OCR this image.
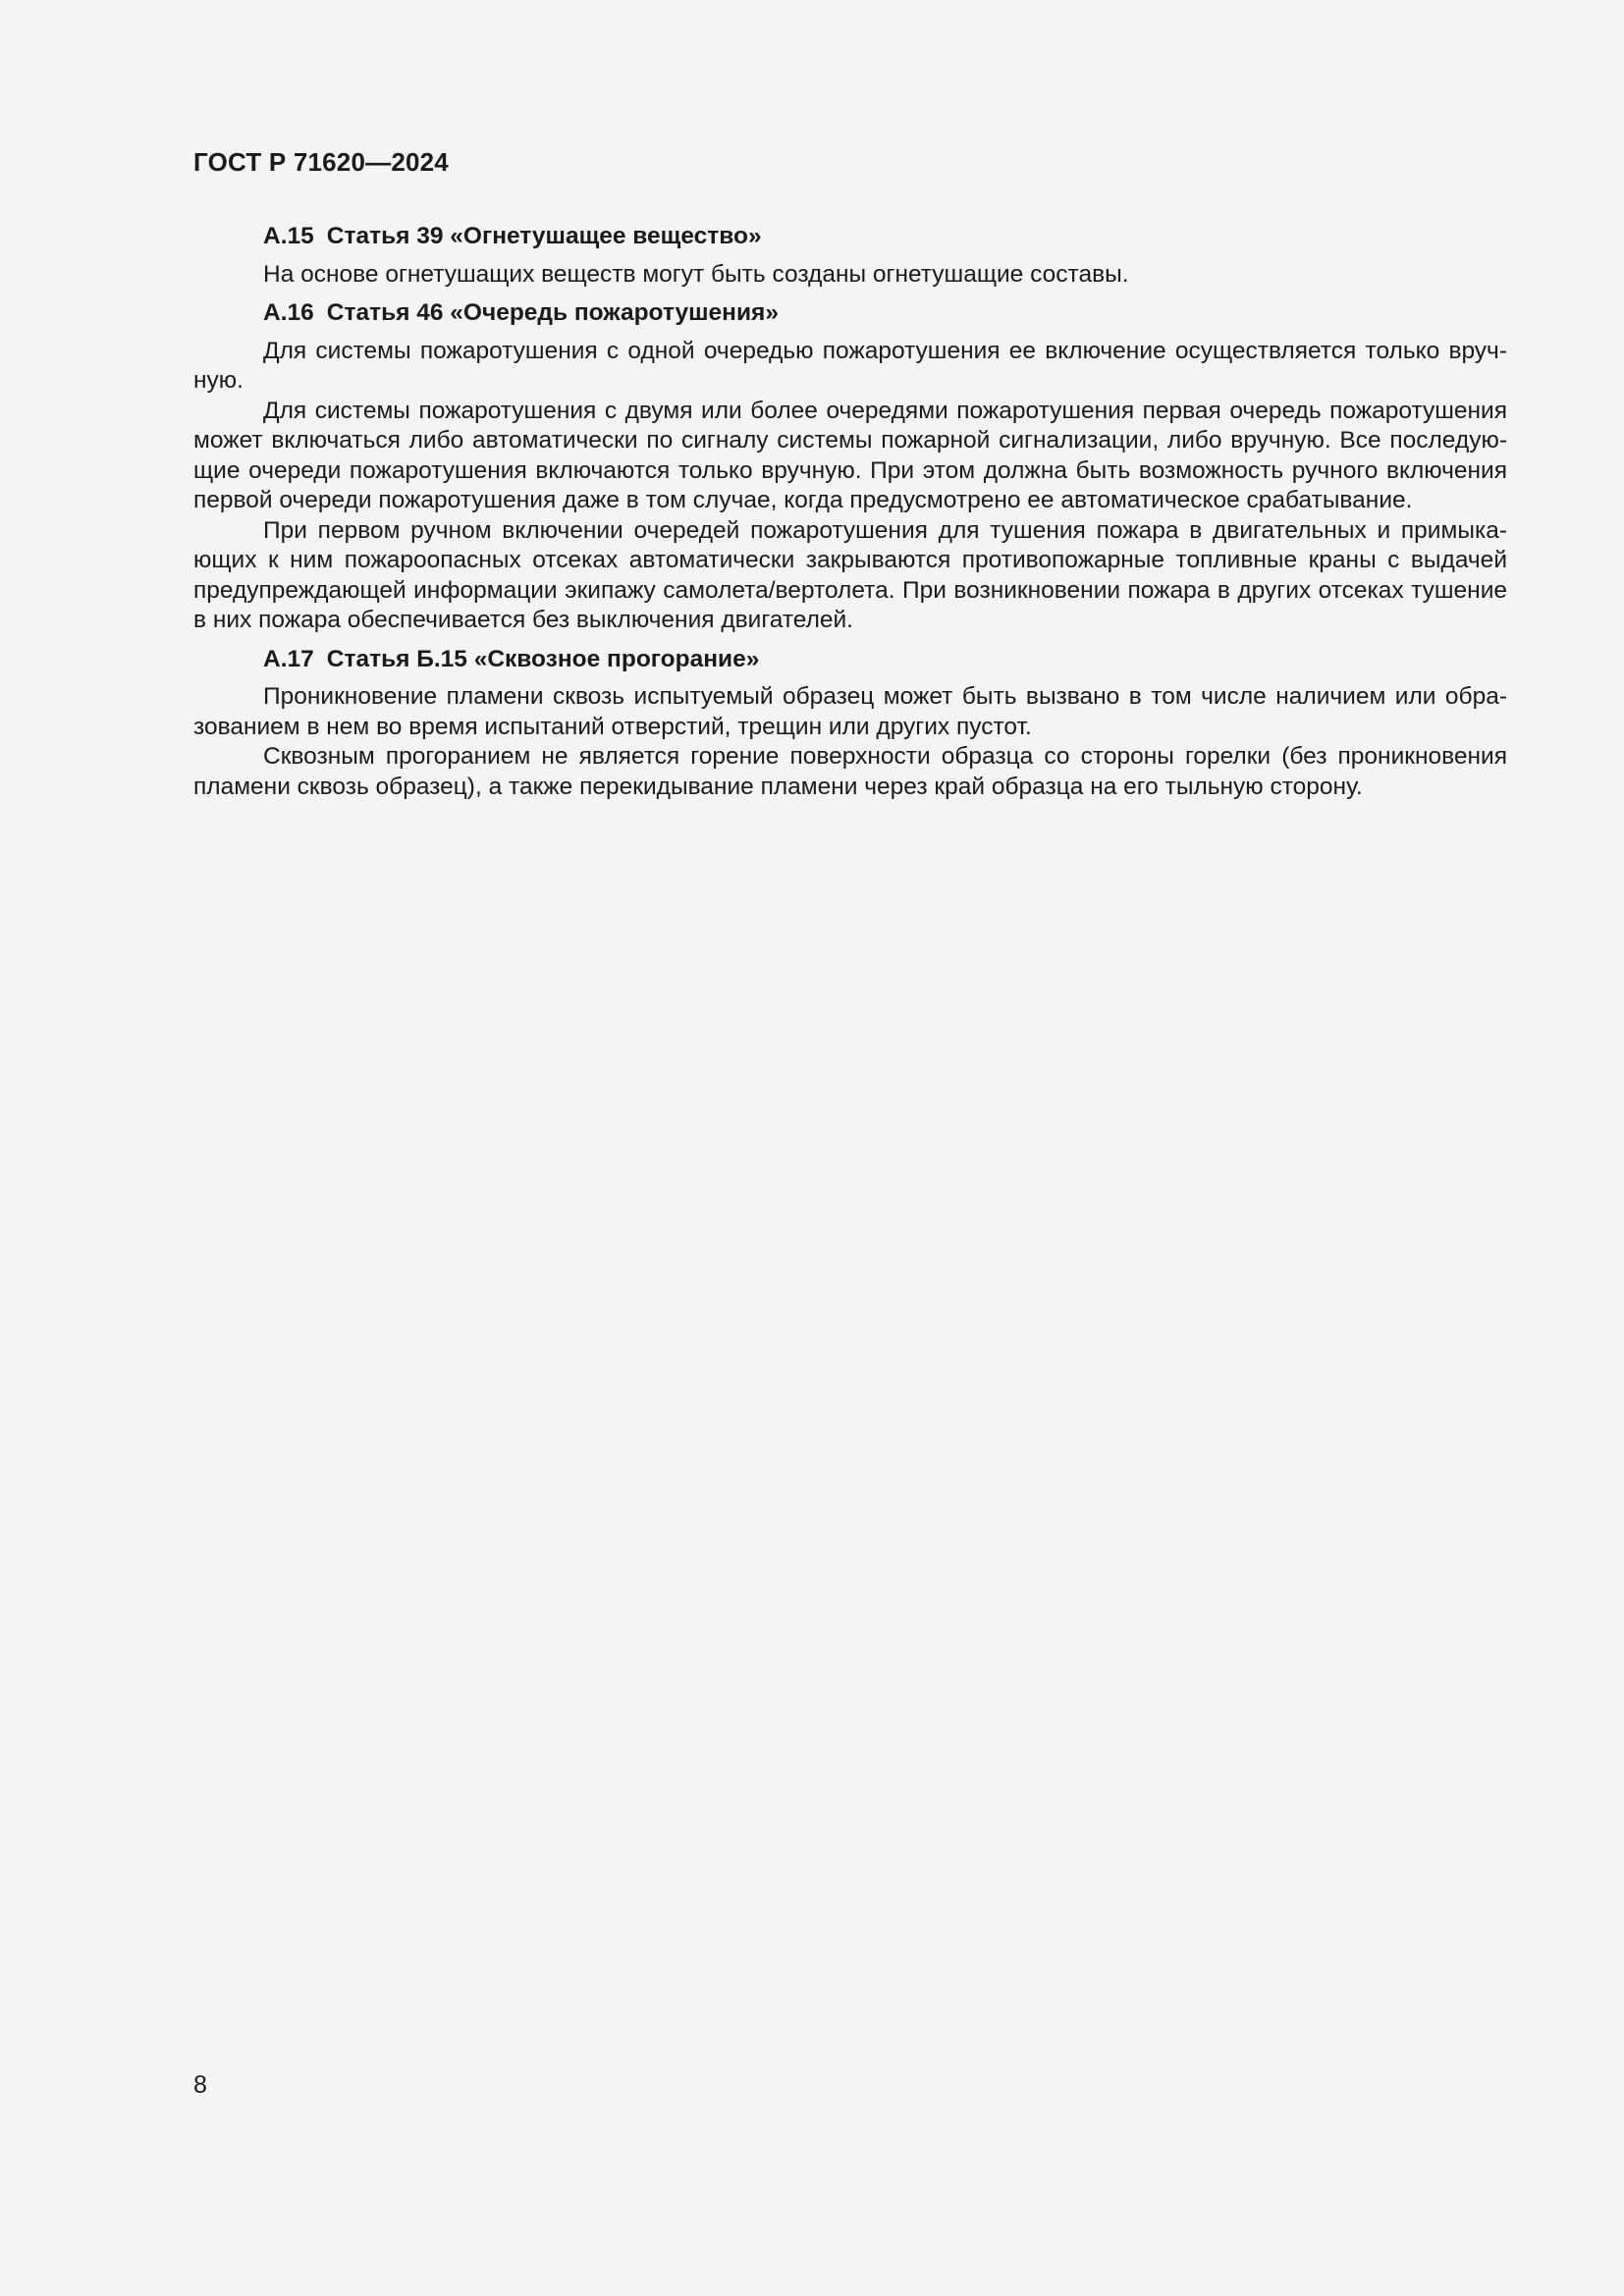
ГОСТ Р 71620—2024
А.15 Статья 39 «Огнетушащее вещество»

На основе огнетушащих веществ могут быть созданы огнетушащие составы.

А.16 Статья 46 «Очередь пожаротушения»

Для системы пожаротушения с одной очередью пожаротушения ее включение осуществляется только вручную.

Для системы пожаротушения с двумя или более очередями пожаротушения первая очередь пожаротушения может включаться либо автоматически по сигналу системы пожарной сигнализации, либо вручную. Все последующие очереди пожаротушения включаются только вручную. При этом должна быть возможность ручного включения первой очереди пожаротушения даже в том случае, когда предусмотрено ее автоматическое срабатывание.

При первом ручном включении очередей пожаротушения для тушения пожара в двигательных и примыкающих к ним пожароопасных отсеках автоматически закрываются противопожарные топливные краны с выдачей предупреждающей информации экипажу самолета/вертолета. При возникновении пожара в других отсеках тушение в них пожара обеспечивается без выключения двигателей.

А.17 Статья Б.15 «Сквозное прогорание»

Проникновение пламени сквозь испытуемый образец может быть вызвано в том числе наличием или образованием в нем во время испытаний отверстий, трещин или других пустот.

Сквозным прогоранием не является горение поверхности образца со стороны горелки (без проникновения пламени сквозь образец), а также перекидывание пламени через край образца на его тыльную сторону.

8
